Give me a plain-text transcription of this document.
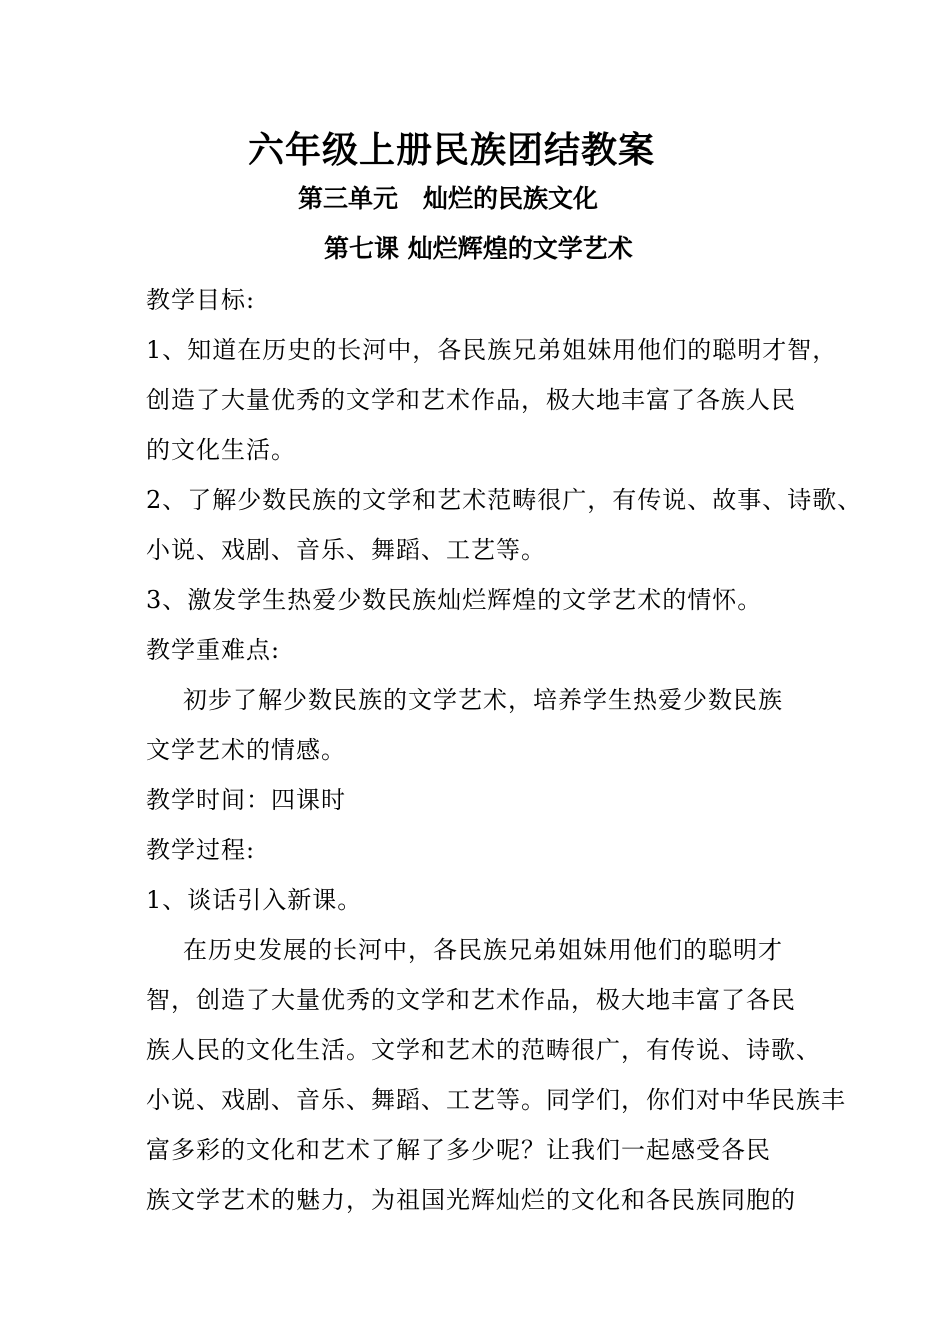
六年级上册民族团结教案
第三单元　灿烂的民族文化
第七课 灿烂辉煌的文学艺术

教学目标:

1、知道在历史的长河中，各民族兄弟姐妹用他们的聪明才智，

创造了大量优秀的文学和艺术作品，极大地丰富了各族人民

的文化生活。

2、了解少数民族的文学和艺术范畴很广，有传说、故事、诗歌、

小说、戏剧、音乐、舞蹈、工艺等。

3、激发学生热爱少数民族灿烂辉煌的文学艺术的情怀。

教学重难点:

初步了解少数民族的文学艺术，培养学生热爱少数民族

文学艺术的情感。

教学时间：四课时

教学过程:

1、谈话引入新课。

在历史发展的长河中，各民族兄弟姐妹用他们的聪明才

智，创造了大量优秀的文学和艺术作品，极大地丰富了各民

族人民的文化生活。文学和艺术的范畴很广，有传说、诗歌、

小说、戏剧、音乐、舞蹈、工艺等。同学们，你们对中华民族丰

富多彩的文化和艺术了解了多少呢？让我们一起感受各民

族文学艺术的魅力，为祖国光辉灿烂的文化和各民族同胞的
